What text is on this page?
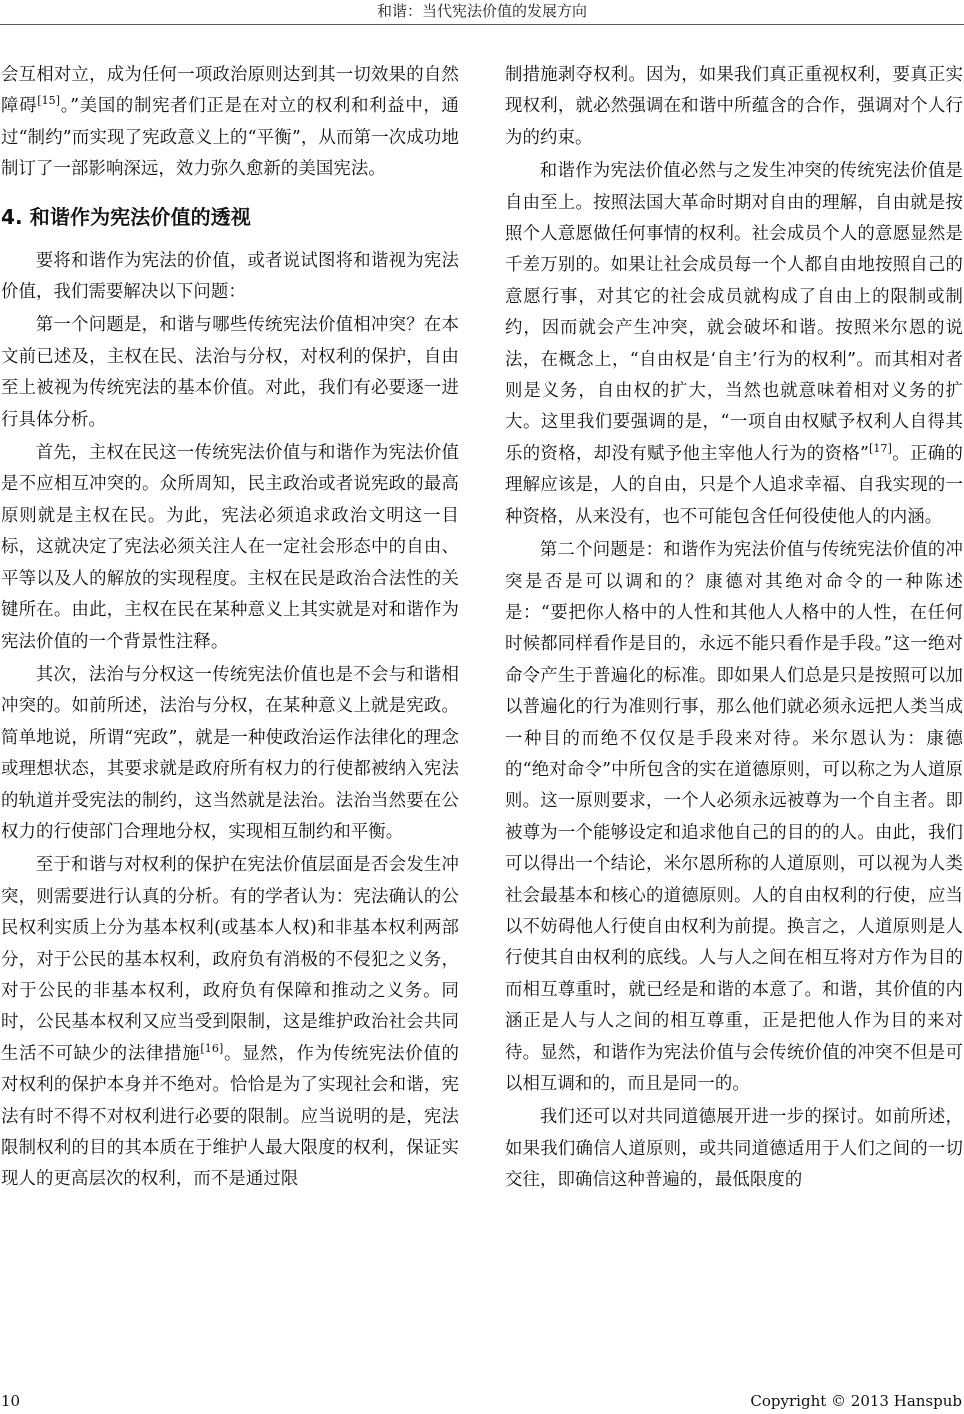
和谐：当代宪法价值的发展方向

会互相对立，成为任何一项政治原则达到其一切效果的自然障碍[15]。”美国的制宪者们正是在对立的权利和利益中，通过“制约”而实现了宪政意义上的“平衡”，从而第一次成功地制订了一部影响深远，效力弥久愈新的美国宪法。

4. 和谐作为宪法价值的透视

要将和谐作为宪法的价值，或者说试图将和谐视为宪法价值，我们需要解决以下问题：

第一个问题是，和谐与哪些传统宪法价值相冲突？在本文前已述及，主权在民、法治与分权，对权利的保护，自由至上被视为传统宪法的基本价值。对此，我们有必要逐一进行具体分析。

首先，主权在民这一传统宪法价值与和谐作为宪法价值是不应相互冲突的。众所周知，民主政治或者说宪政的最高原则就是主权在民。为此，宪法必须追求政治文明这一目标，这就决定了宪法必须关注人在一定社会形态中的自由、平等以及人的解放的实现程度。主权在民是政治合法性的关键所在。由此，主权在民在某种意义上其实就是对和谐作为宪法价值的一个背景性注释。

其次，法治与分权这一传统宪法价值也是不会与和谐相冲突的。如前所述，法治与分权，在某种意义上就是宪政。简单地说，所谓“宪政”，就是一种使政治运作法律化的理念或理想状态，其要求就是政府所有权力的行使都被纳入宪法的轨道并受宪法的制约，这当然就是法治。法治当然要在公权力的行使部门合理地分权，实现相互制约和平衡。

至于和谐与对权利的保护在宪法价值层面是否会发生冲突，则需要进行认真的分析。有的学者认为：宪法确认的公民权利实质上分为基本权利(或基本人权)和非基本权利两部分，对于公民的基本权利，政府负有消极的不侵犯之义务，对于公民的非基本权利，政府负有保障和推动之义务。同时，公民基本权利又应当受到限制，这是维护政治社会共同生活不可缺少的法律措施[16]。显然，作为传统宪法价值的对权利的保护本身并不绝对。恰恰是为了实现社会和谐，宪法有时不得不对权利进行必要的限制。应当说明的是，宪法限制权利的目的其本质在于维护人最大限度的权利，保证实现人的更高层次的权利，而不是通过限

制措施剥夺权利。因为，如果我们真正重视权利，要真正实现权利，就必然强调在和谐中所蕴含的合作，强调对个人行为的约束。

和谐作为宪法价值必然与之发生冲突的传统宪法价值是自由至上。按照法国大革命时期对自由的理解，自由就是按照个人意愿做任何事情的权利。社会成员个人的意愿显然是千差万别的。如果让社会成员每一个人都自由地按照自己的意愿行事，对其它的社会成员就构成了自由上的限制或制约，因而就会产生冲突，就会破坏和谐。按照米尔恩的说法，在概念上，“自由权是‘自主’行为的权利”。而其相对者则是义务，自由权的扩大，当然也就意味着相对义务的扩大。这里我们要强调的是，“一项自由权赋予权利人自得其乐的资格，却没有赋予他主宰他人行为的资格”[17]。正确的理解应该是，人的自由，只是个人追求幸福、自我实现的一种资格，从来没有，也不可能包含任何役使他人的内涵。

第二个问题是：和谐作为宪法价值与传统宪法价值的冲突是否是可以调和的？康德对其绝对命令的一种陈述是：“要把你人格中的人性和其他人人格中的人性，在任何时候都同样看作是目的，永远不能只看作是手段。”这一绝对命令产生于普遍化的标准。即如果人们总是只是按照可以加以普遍化的行为准则行事，那么他们就必须永远把人类当成一种目的而绝不仅仅是手段来对待。米尔恩认为：康德的“绝对命令”中所包含的实在道德原则，可以称之为人道原则。这一原则要求，一个人必须永远被尊为一个自主者。即被尊为一个能够设定和追求他自己的目的的人。由此，我们可以得出一个结论，米尔恩所称的人道原则，可以视为人类社会最基本和核心的道德原则。人的自由权利的行使，应当以不妨碍他人行使自由权利为前提。换言之，人道原则是人行使其自由权利的底线。人与人之间在相互将对方作为目的而相互尊重时，就已经是和谐的本意了。和谐，其价值的内涵正是人与人之间的相互尊重，正是把他人作为目的来对待。显然，和谐作为宪法价值与会传统价值的冲突不但是可以相互调和的，而且是同一的。

我们还可以对共同道德展开进一步的探讨。如前所述，如果我们确信人道原则，或共同道德适用于人们之间的一切交往，即确信这种普遍的，最低限度的

10	Copyright © 2013 Hanspub
